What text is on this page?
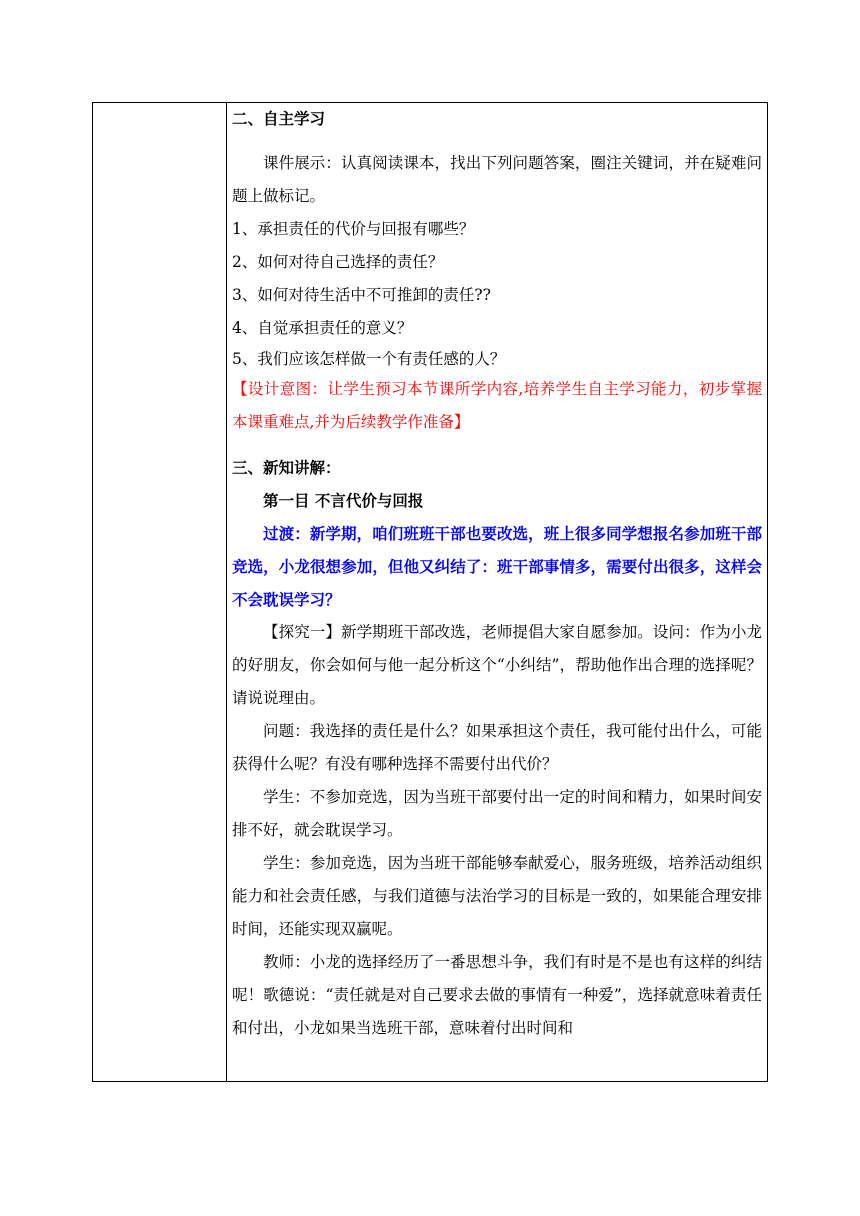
二、自主学习

课件展示：认真阅读课本，找出下列问题答案，圈注关键词，并在疑难问题上做标记。

1、承担责任的代价与回报有哪些？

2、如何对待自己选择的责任？

3、如何对待生活中不可推卸的责任??

4、自觉承担责任的意义？

5、我们应该怎样做一个有责任感的人？

【设计意图：让学生预习本节课所学内容,培养学生自主学习能力，初步掌握本课重难点,并为后续教学作准备】

三、新知讲解：

第一目 不言代价与回报

过渡：新学期，咱们班班干部也要改选，班上很多同学想报名参加班干部竞选，小龙很想参加，但他又纠结了：班干部事情多，需要付出很多，这样会不会耽误学习？

【探究一】新学期班干部改选，老师提倡大家自愿参加。设问：作为小龙的好朋友，你会如何与他一起分析这个“小纠结”，帮助他作出合理的选择呢？请说说理由。

问题：我选择的责任是什么？如果承担这个责任，我可能付出什么，可能获得什么呢？有没有哪种选择不需要付出代价？

学生：不参加竞选，因为当班干部要付出一定的时间和精力，如果时间安排不好，就会耽误学习。

学生：参加竞选，因为当班干部能够奉献爱心，服务班级，培养活动组织能力和社会责任感，与我们道德与法治学习的目标是一致的，如果能合理安排时间，还能实现双赢呢。

教师：小龙的选择经历了一番思想斗争，我们有时是不是也有这样的纠结呢！歌德说：“责任就是对自己要求去做的事情有一种爱”，选择就意味着责任和付出，小龙如果当选班干部，意味着付出时间和
